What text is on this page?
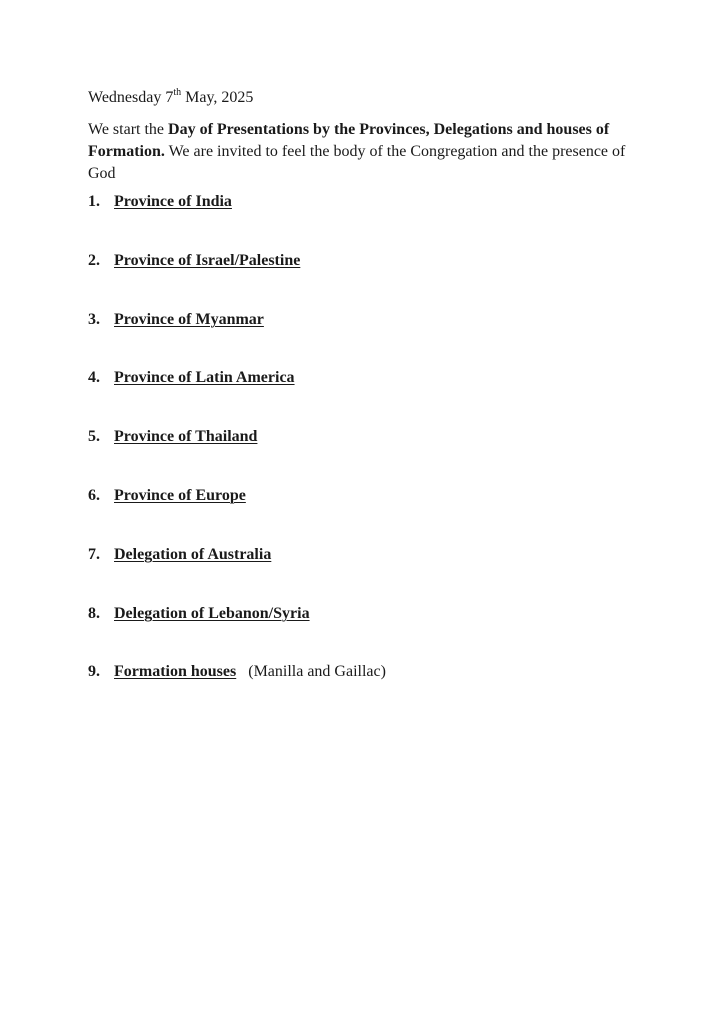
Wednesday 7th May, 2025
We start the Day of Presentations by the Provinces, Delegations and houses of Formation. We are invited to feel the body of the Congregation and the presence of God
1. Province of India
2. Province of Israel/Palestine
3. Province of Myanmar
4. Province of Latin America
5. Province of Thailand
6. Province of Europe
7. Delegation of Australia
8. Delegation of Lebanon/Syria
9. Formation houses (Manilla and Gaillac)
